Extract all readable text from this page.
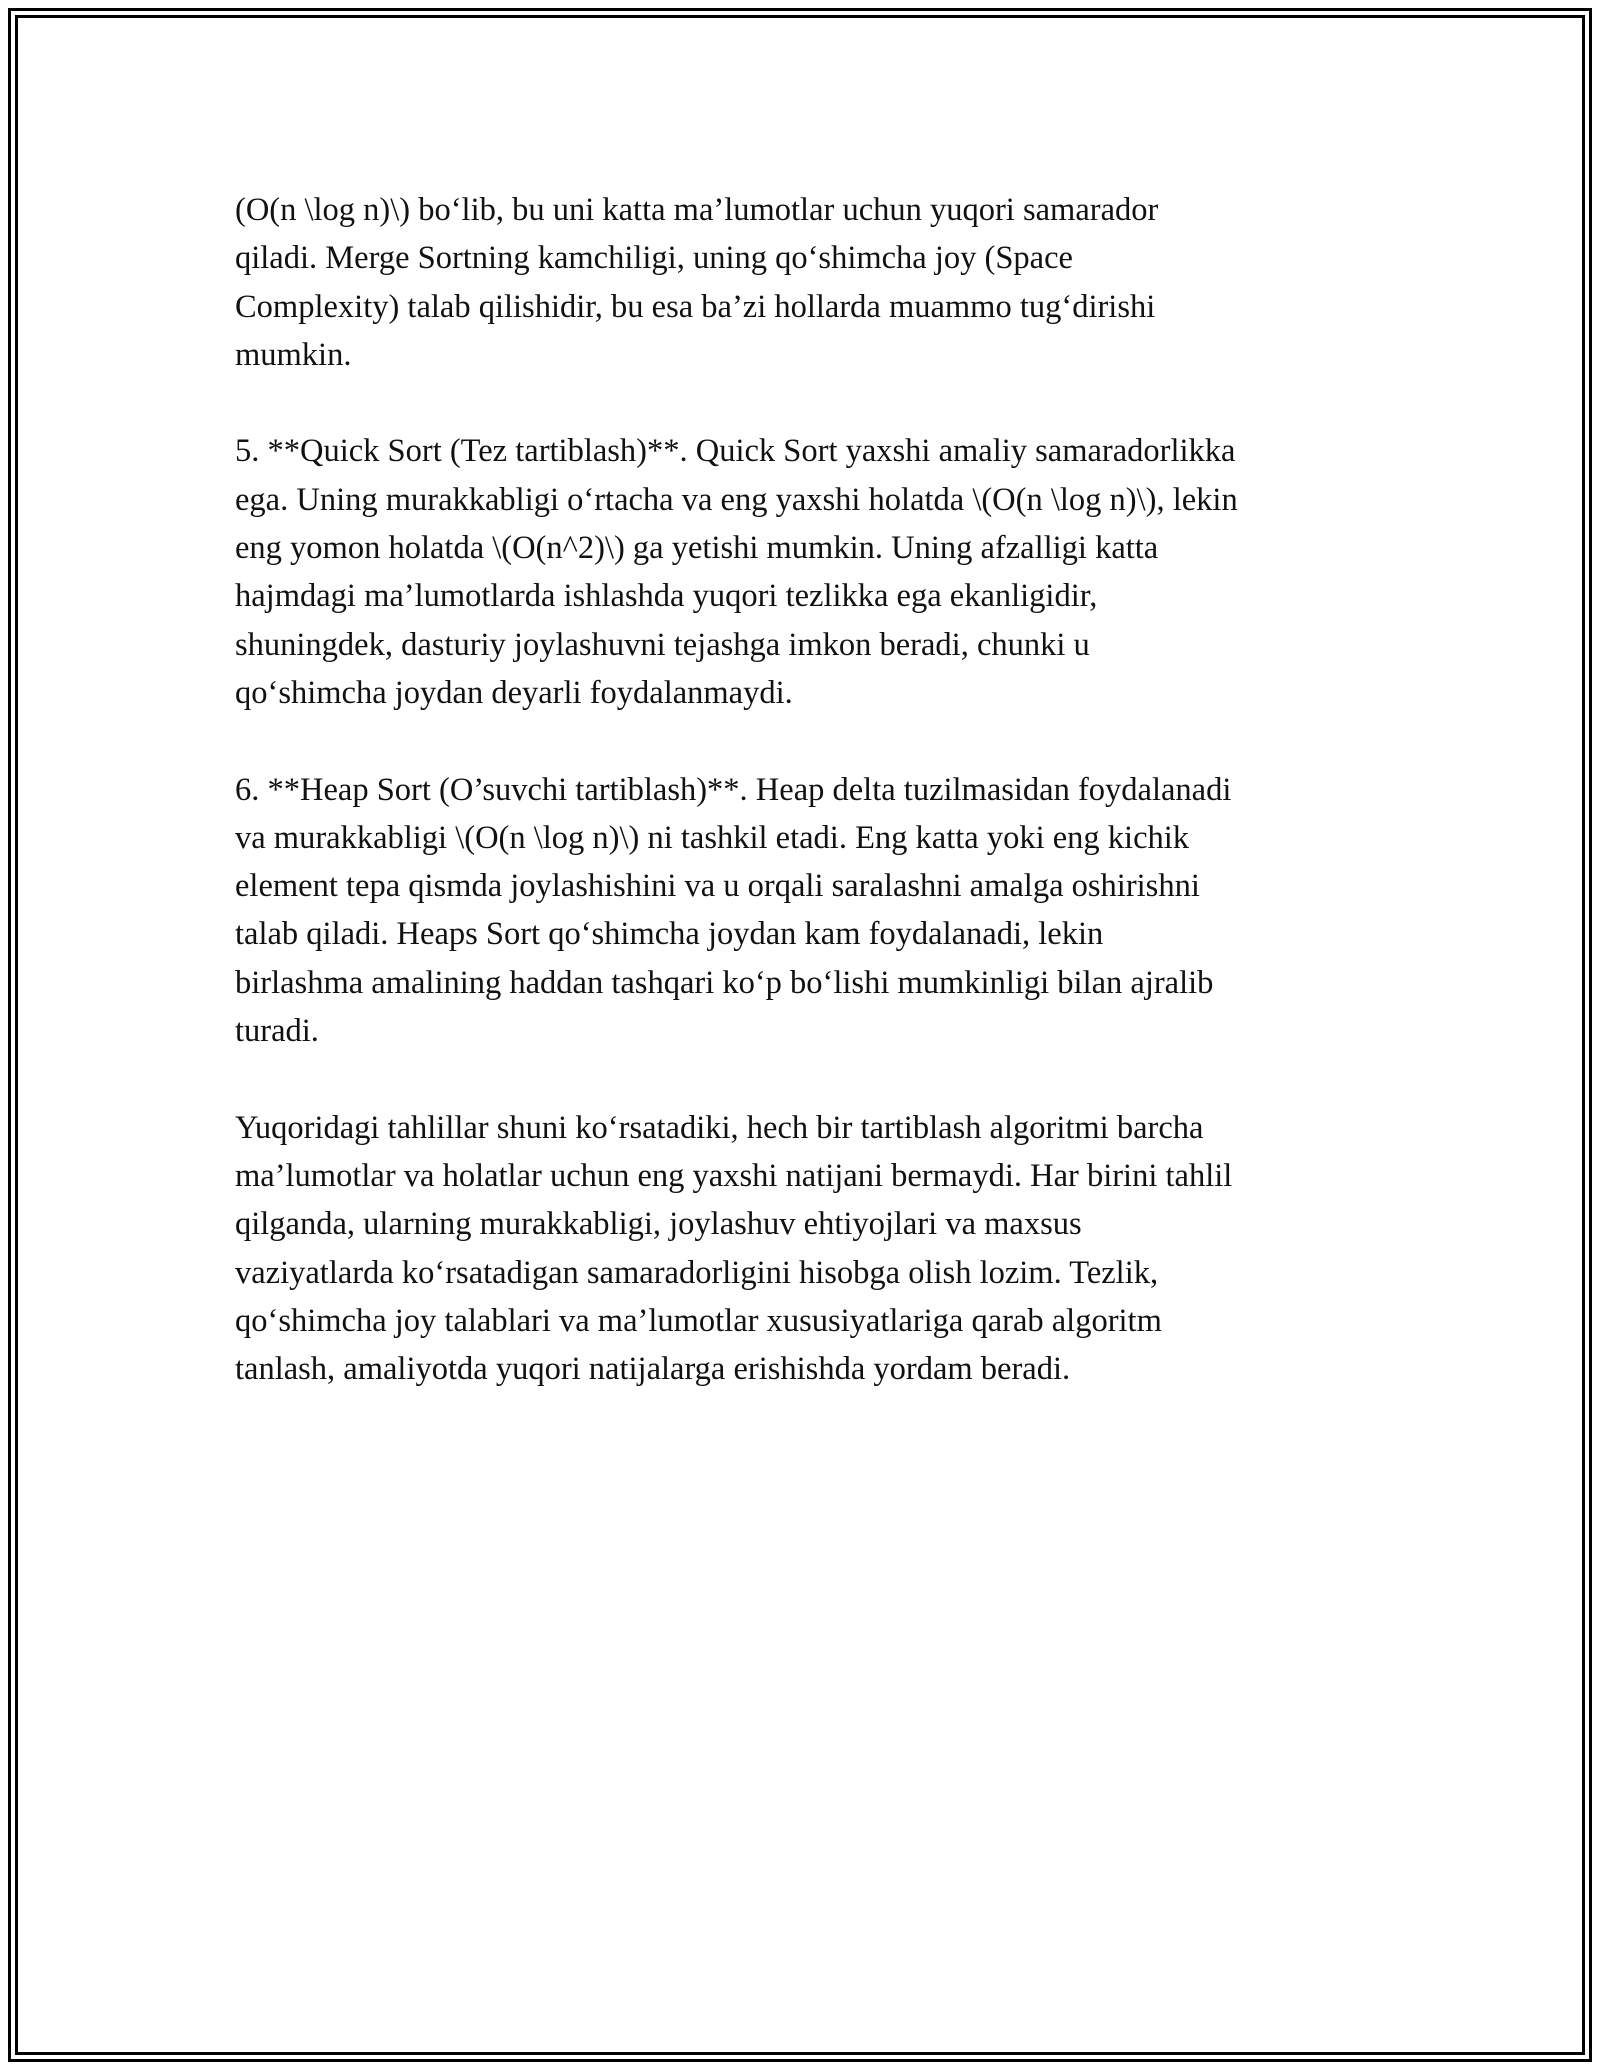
(O(n \log n)\) bo‘lib, bu uni katta ma’lumotlar uchun yuqori samarador
qiladi. Merge Sortning kamchiligi, uning qo‘shimcha joy (Space
Complexity) talab qilishidir, bu esa ba’zi hollarda muammo tug‘dirishi
mumkin.

5. **Quick Sort (Tez tartiblash)**. Quick Sort yaxshi amaliy samaradorlikka
ega. Uning murakkabligi o‘rtacha va eng yaxshi holatda \(O(n \log n)\), lekin
eng yomon holatda \(O(n^2)\) ga yetishi mumkin. Uning afzalligi katta
hajmdagi ma’lumotlarda ishlashda yuqori tezlikka ega ekanligidir,
shuningdek, dasturiy joylashuvni tejashga imkon beradi, chunki u
qo‘shimcha joydan deyarli foydalanmaydi.

6. **Heap Sort (O’suvchi tartiblash)**. Heap delta tuzilmasidan foydalanadi
va murakkabligi \(O(n \log n)\) ni tashkil etadi. Eng katta yoki eng kichik
element tepa qismda joylashishini va u orqali saralashni amalga oshirishni
talab qiladi. Heaps Sort qo‘shimcha joydan kam foydalanadi, lekin
birlashma amalining haddan tashqari ko‘p bo‘lishi mumkinligi bilan ajralib
turadi.

Yuqoridagi tahlillar shuni ko‘rsatadiki, hech bir tartiblash algoritmi barcha
ma’lumotlar va holatlar uchun eng yaxshi natijani bermaydi. Har birini tahlil
qilganda, ularning murakkabligi, joylashuv ehtiyojlari va maxsus
vaziyatlarda ko‘rsatadigan samaradorligini hisobga olish lozim. Tezlik,
qo‘shimcha joy talablari va ma’lumotlar xususiyatlariga qarab algoritm
tanlash, amaliyotda yuqori natijalarga erishishda yordam beradi.
